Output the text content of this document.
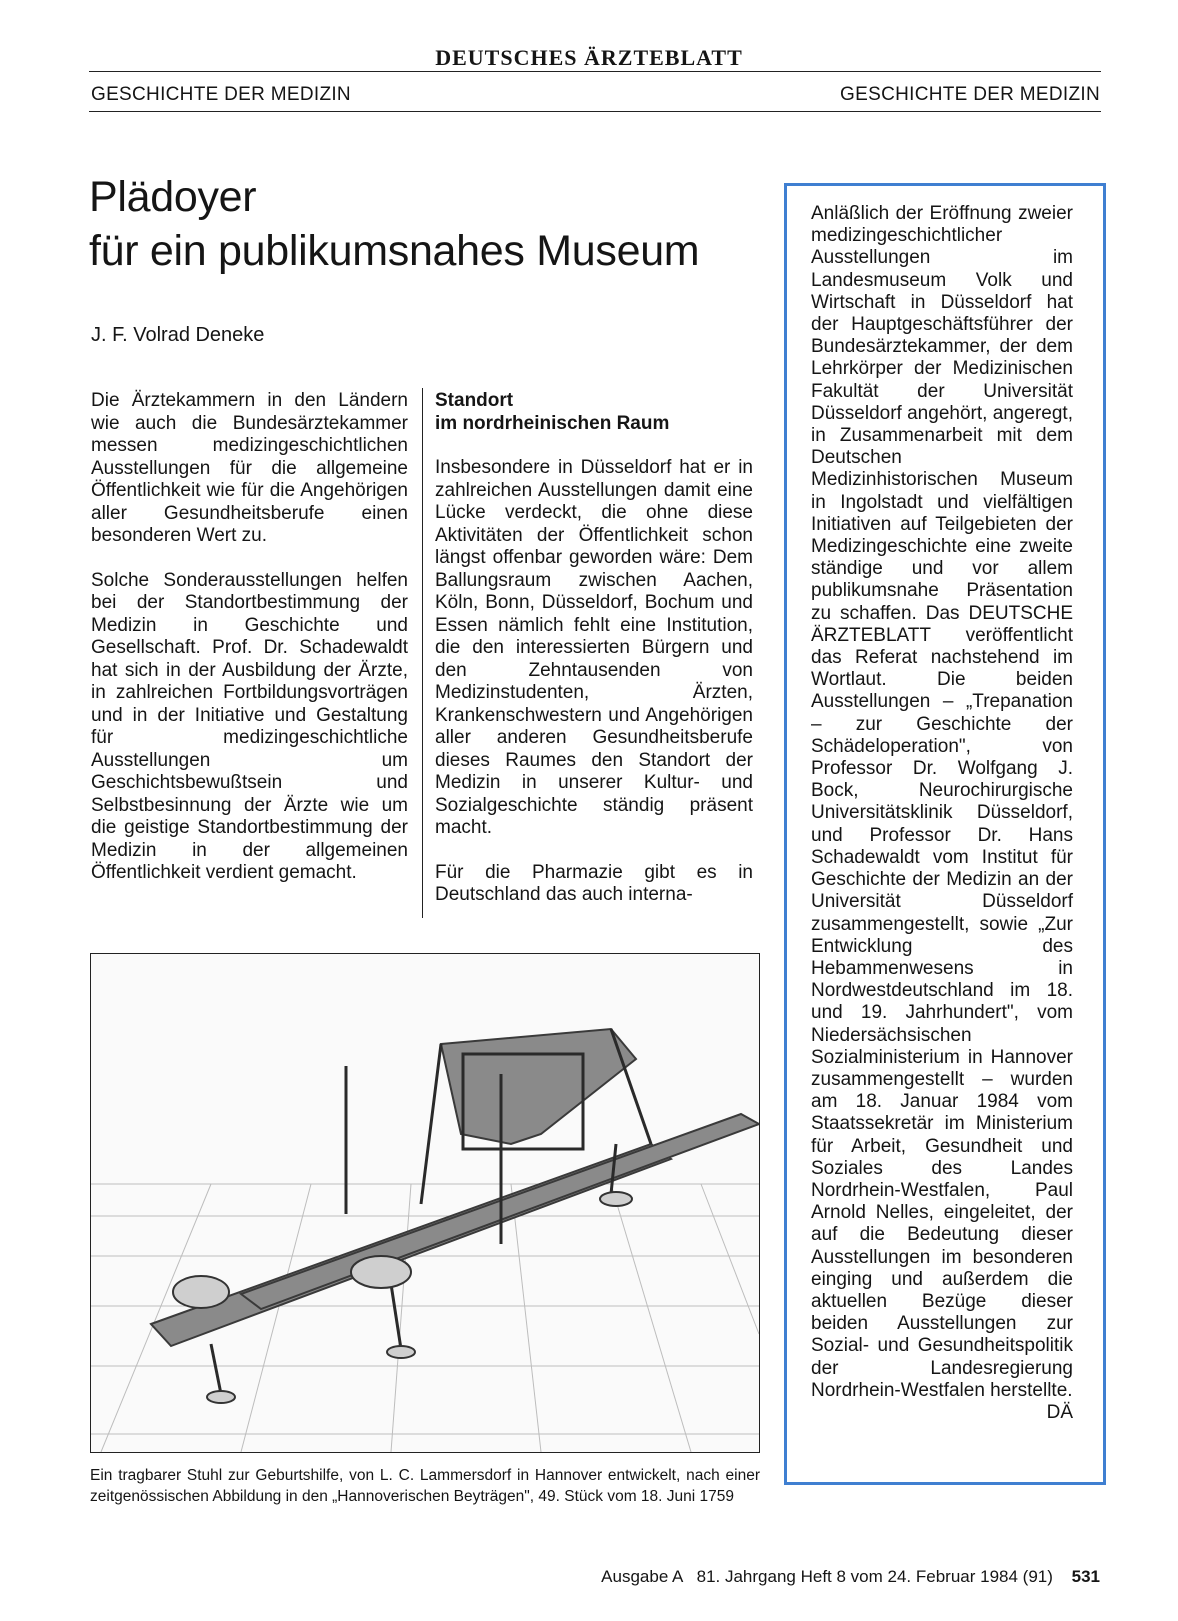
DEUTSCHES ÄRZTEBLATT
GESCHICHTE DER MEDIZIN	GESCHICHTE DER MEDIZIN
Plädoyer
für ein publikumsnahes Museum
J. F. Volrad Deneke

Die Ärztekammern in den Ländern wie auch die Bundesärztekammer messen medizingeschichtlichen Ausstellungen für die allgemeine Öffentlichkeit wie für die Angehörigen aller Gesundheitsberufe einen besonderen Wert zu.

Solche Sonderausstellungen helfen bei der Standortbestimmung der Medizin in Geschichte und Gesellschaft. Prof. Dr. Schadewaldt hat sich in der Ausbildung der Ärzte, in zahlreichen Fortbildungsvorträgen und in der Initiative und Gestaltung für medizingeschichtliche Ausstellungen um Geschichtsbewußtsein und Selbstbesinnung der Ärzte wie um die geistige Standortbestimmung der Medizin in der allgemeinen Öffentlichkeit verdient gemacht.

Standort
im nordrheinischen Raum

Insbesondere in Düsseldorf hat er in zahlreichen Ausstellungen damit eine Lücke verdeckt, die ohne diese Aktivitäten der Öffentlichkeit schon längst offenbar geworden wäre: Dem Ballungsraum zwischen Aachen, Köln, Bonn, Düsseldorf, Bochum und Essen nämlich fehlt eine Institution, die den interessierten Bürgern und den Zehntausenden von Medizinstudenten, Ärzten, Krankenschwestern und Angehörigen aller anderen Gesundheitsberufe dieses Raumes den Standort der Medizin in unserer Kultur- und Sozialgeschichte ständig präsent macht.

Für die Pharmazie gibt es in Deutschland das auch interna-

Ein tragbarer Stuhl zur Geburtshilfe, von L. C. Lammersdorf in Hannover entwickelt, nach einer zeitgenössischen Abbildung in den „Hannoverischen Beyträgen", 49. Stück vom 18. Juni 1759
Anläßlich der Eröffnung zweier medizingeschichtlicher Ausstellungen im Landesmuseum Volk und Wirtschaft in Düsseldorf hat der Hauptgeschäftsführer der Bundesärztekammer, der dem Lehrkörper der Medizinischen Fakultät der Universität Düsseldorf angehört, angeregt, in Zusammenarbeit mit dem Deutschen Medizinhistorischen Museum in Ingolstadt und vielfältigen Initiativen auf Teilgebieten der Medizingeschichte eine zweite ständige und vor allem publikumsnahe Präsentation zu schaffen. Das DEUTSCHE ÄRZTEBLATT veröffentlicht das Referat nachstehend im Wortlaut. Die beiden Ausstellungen – „Trepanation – zur Geschichte der Schädeloperation", von Professor Dr. Wolfgang J. Bock, Neurochirurgische Universitätsklinik Düsseldorf, und Professor Dr. Hans Schadewaldt vom Institut für Geschichte der Medizin an der Universität Düsseldorf zusammengestellt, sowie „Zur Entwicklung des Hebammenwesens in Nordwestdeutschland im 18. und 19. Jahrhundert", vom Niedersächsischen Sozialministerium in Hannover zusammengestellt – wurden am 18. Januar 1984 vom Staatssekretär im Ministerium für Arbeit, Gesundheit und Soziales des Landes Nordrhein-Westfalen, Paul Arnold Nelles, eingeleitet, der auf die Bedeutung dieser Ausstellungen im besonderen einging und außerdem die aktuellen Bezüge dieser beiden Ausstellungen zur Sozial- und Gesundheitspolitik der Landesregierung Nordrhein-Westfalen herstellte.
DÄ
Ausgabe A   81. Jahrgang Heft 8 vom 24. Februar 1984 (91) 531
